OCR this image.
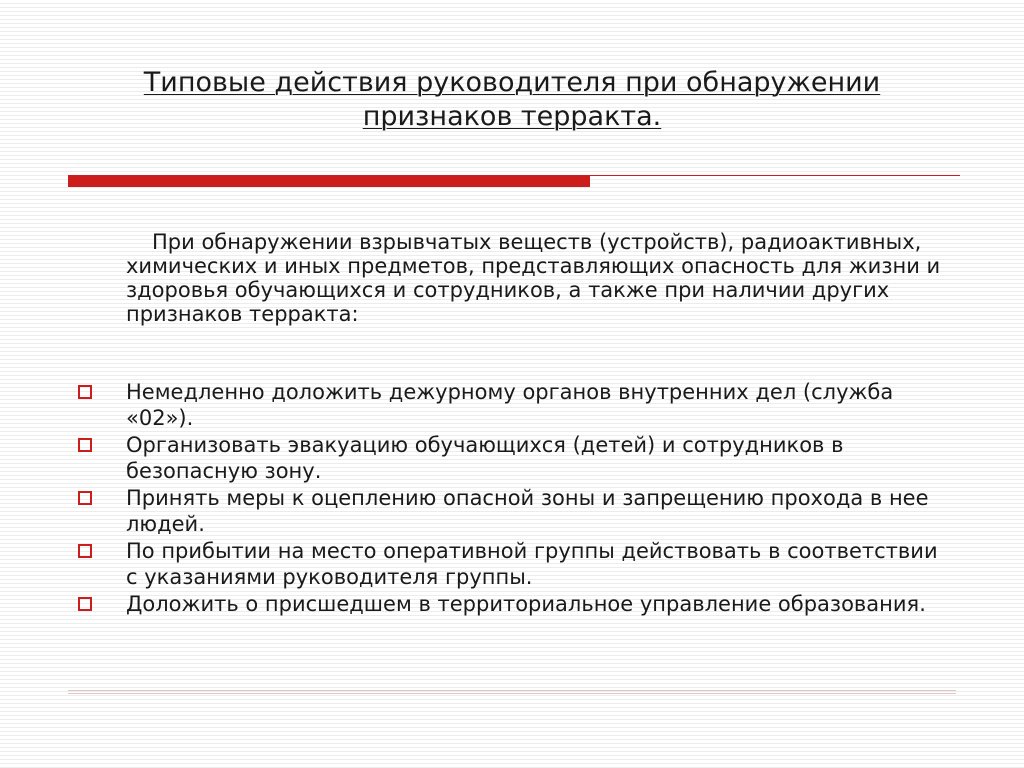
Типовые действия руководителя при обнаружении
признаков терракта.
При обнаружении взрывчатых веществ (устройств), радиоактивных, химических и иных предметов, представляющих опасность для жизни и здоровья обучающихся и сотрудников, а также при наличии других признаков терракта:
Немедленно доложить дежурному органов внутренних дел (служба «02»).
Организовать эвакуацию обучающихся (детей) и сотрудников в безопасную зону.
Принять меры к оцеплению опасной зоны и запрещению прохода в нее людей.
По прибытии на место оперативной группы действовать в соответствии с указаниями руководителя группы.
Доложить о присшедшем в территориальное управление образования.
